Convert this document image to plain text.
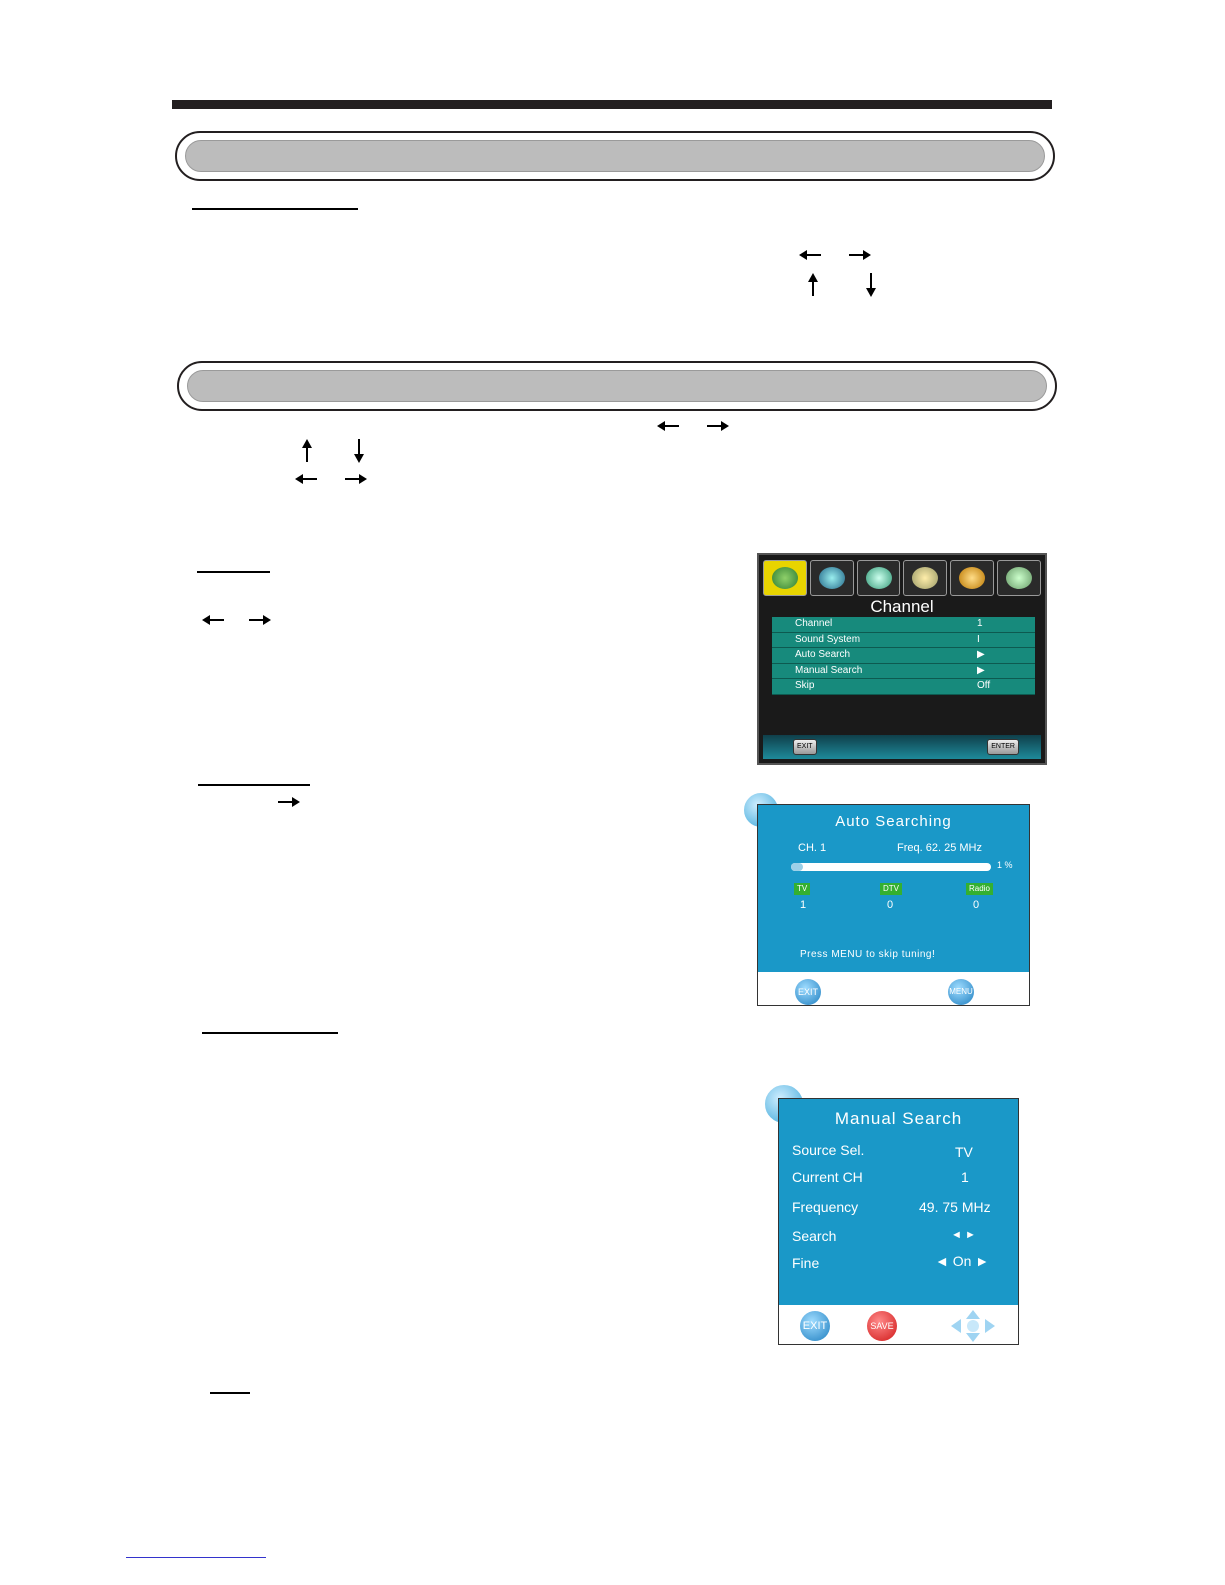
Channel
Channel	1
Sound System	I
Auto Search	▶
Manual Search	▶
Skip	Off
EXIT	ENTER
Auto Searching
CH. 1	Freq. 62. 25 MHz
1 %
TV	DTV	Radio
1	0	0
Press MENU to skip tuning!
EXIT	MENU
Manual Search
Source Sel.	TV
Current CH	1
Frequency	49. 75 MHz
Search	◄ ►
Fine	◄ On ►
EXIT	SAVE
